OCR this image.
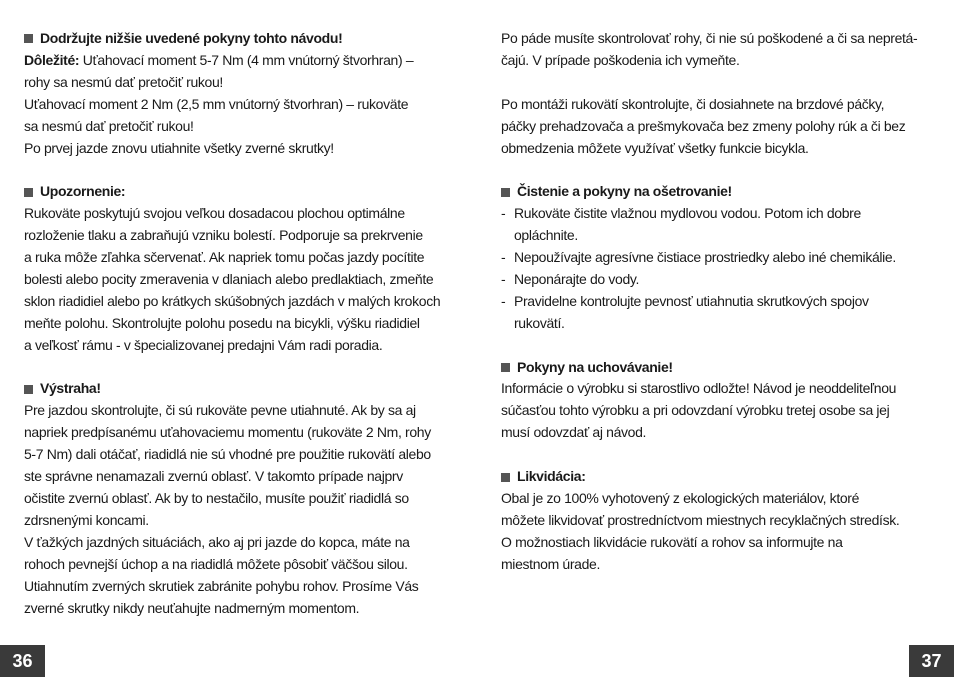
Dodržujte nižšie uvedené pokyny tohto návodu!
Dôležité: Uťahovací moment 5-7 Nm (4 mm vnútorný štvorhran) –
rohy sa nesmú dať pretočiť rukou!
Uťahovací moment 2 Nm (2,5 mm vnútorný štvorhran) – rukoväte
sa nesmú dať pretočiť rukou!
Po prvej jazde znovu utiahnite všetky zverné skrutky!
Upozornenie:
Rukoväte poskytujú svojou veľkou dosadacou plochou optimálne
rozloženie tlaku a zabraňujú vzniku bolestí. Podporuje sa prekrvenie
a ruka môže zľahka sčervenať. Ak napriek tomu počas jazdy pocítite
bolesti alebo pocity zmeravenia v dlaniach alebo predlaktiach, zmeňte
sklon riadidiel alebo po krátkych skúšobných jazdách v malých krokoch
meňte polohu. Skontrolujte polohu posedu na bicykli, výšku riadidiel
a veľkosť rámu - v špecializovanej predajni Vám radi poradia.
Výstraha!
Pre jazdou skontrolujte, či sú rukoväte pevne utiahnuté. Ak by sa aj
napriek predpísanému uťahovaciemu momentu (rukoväte 2 Nm, rohy
5-7 Nm) dali otáčať, riadidlá nie sú vhodné pre použitie rukovätí alebo
ste správne nenamazali zvernú oblasť. V takomto prípade najprv
očistite zvernú oblasť. Ak by to nestačilo, musíte použiť riadidlá so
zdrsnenými koncami.
V ťažkých jazdných situáciách, ako aj pri jazde do kopca, máte na
rohoch pevnejší úchop a na riadidlá môžete pôsobiť väčšou silou.
Utiahnutím zverných skrutiek zabránite pohybu rohov. Prosíme Vás
zverné skrutky nikdy neuťahujte nadmerným momentom.
Po páde musíte skontrolovať rohy, či nie sú poškodené a či sa nepretá-
čajú. V prípade poškodenia ich vymeňte.
Po montáži rukovätí skontrolujte, či dosiahnete na brzdové páčky,
páčky prehadzovača a prešmykovača bez zmeny polohy rúk a či bez
obmedzenia môžete využívať všetky funkcie bicykla.
Čistenie a pokyny na ošetrovanie!
- Rukoväte čistite vlažnou mydlovou vodou. Potom ich dobre
opláchnite.
- Nepoužívajte agresívne čistiace prostriedky alebo iné chemikálie.
- Neponárajte do vody.
- Pravidelne kontrolujte pevnosť utiahnutia skrutkových spojov
rukovätí.
Pokyny na uchovávanie!
Informácie o výrobku si starostlivo odložte! Návod je neoddeliteľnou
súčasťou tohto výrobku a pri odovzdaní výrobku tretej osobe sa jej
musí odovzdať aj návod.
Likvidácia:
Obal je zo 100% vyhotovený z ekologických materiálov, ktoré
môžete likvidovať prostredníctvom miestnych recyklačných stredísk.
O možnostiach likvidácie rukovätí a rohov sa informujte na
miestnom úrade.
36	37
